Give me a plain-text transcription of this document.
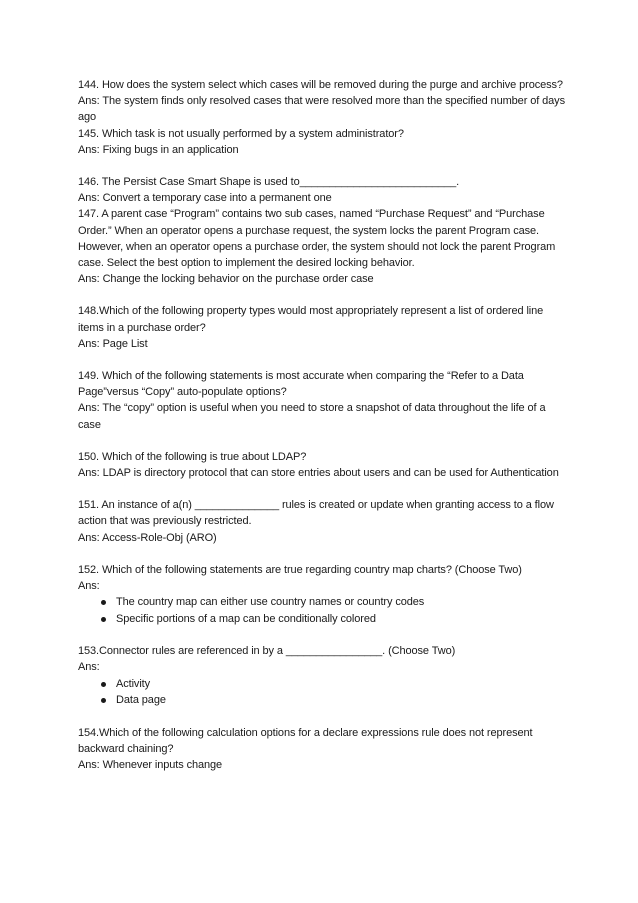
144. How does the system select which cases will be removed during the purge and archive process?

Ans: The system finds only resolved cases that were resolved more than the specified number of days ago

145. Which task is not usually performed by a system administrator?

Ans: Fixing bugs in an application

146. The Persist Case Smart Shape is used to__________________________.

Ans: Convert a temporary case into a permanent one

147. A parent case “Program” contains two sub cases, named “Purchase Request” and “Purchase Order.” When an operator opens a purchase request, the system locks the parent Program case. However, when an operator opens a purchase order, the system should not lock the parent Program case. Select the best option to implement the desired locking behavior.

Ans: Change the locking behavior on the purchase order case

148.Which of the following property types would most appropriately represent a list of ordered line items in a purchase order?

Ans: Page List

149. Which of the following statements is most accurate when comparing the “Refer to a Data Page”versus “Copy” auto-populate options?

Ans: The “copy” option is useful when you need to store a snapshot of data throughout the life of a case

150. Which of the following is true about LDAP?

Ans: LDAP is directory protocol that can store entries about users and can be used for Authentication

151. An instance of a(n) ______________ rules is created or update when granting access to a flow action that was previously restricted.

Ans: Access-Role-Obj (ARO)

152. Which of the following statements are true regarding country map charts? (Choose Two)

Ans:

The country map can either use country names or country codes
Specific portions of a map can be conditionally colored

153.Connector rules are referenced in by a ________________. (Choose Two)

Ans:

Activity
Data page

154.Which of the following calculation options for a declare expressions rule does not represent backward chaining?

Ans: Whenever inputs change
